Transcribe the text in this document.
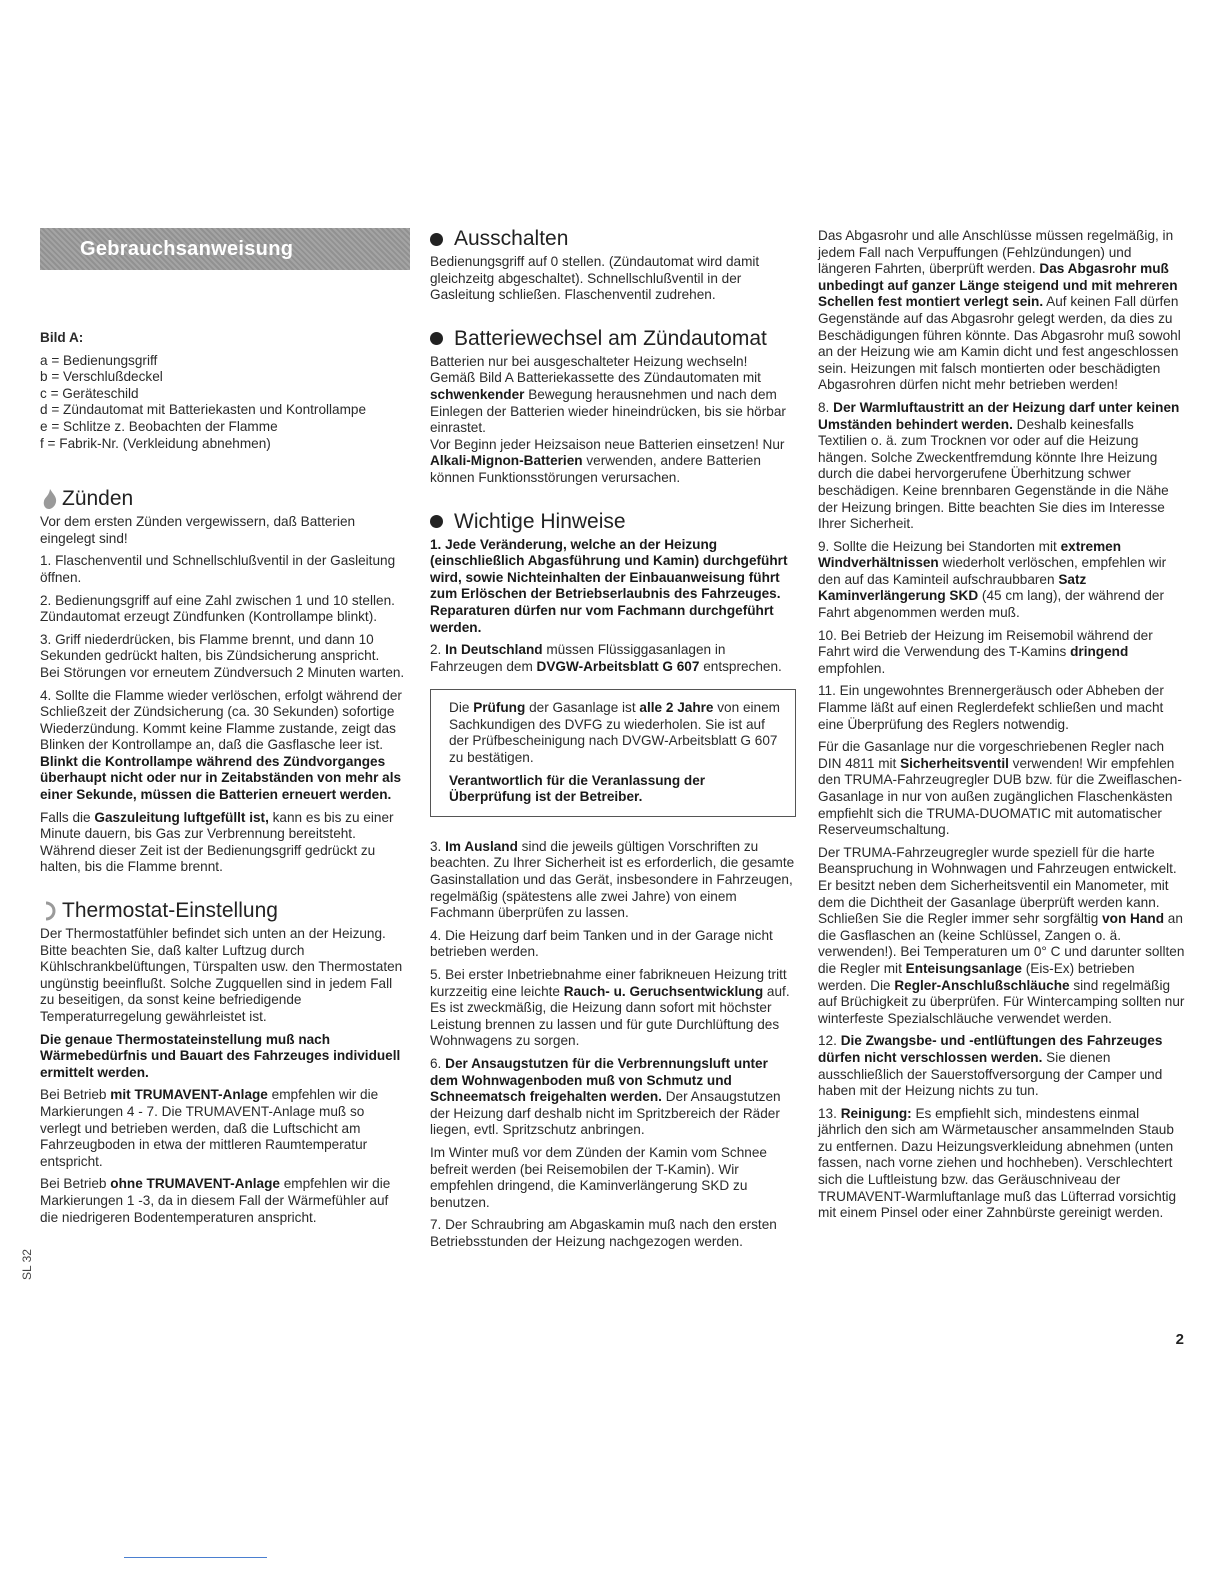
Gebrauchsanweisung
Bild A:
a = Bedienungsgriff
b = Verschlußdeckel
c = Geräteschild
d = Zündautomat mit Batteriekasten und Kontrollampe
e = Schlitze z. Beobachten der Flamme
f = Fabrik-Nr. (Verkleidung abnehmen)
Zünden

Vor dem ersten Zünden vergewissern, daß Batterien eingelegt sind!

1. Flaschenventil und Schnellschlußventil in der Gasleitung öffnen.

2. Bedienungsgriff auf eine Zahl zwischen 1 und 10 stellen. Zündautomat erzeugt Zündfunken (Kontrollampe blinkt).

3. Griff niederdrücken, bis Flamme brennt, und dann 10 Sekunden gedrückt halten, bis Zündsicherung anspricht.

Bei Störungen vor erneutem Zündversuch 2 Minuten warten.

4. Sollte die Flamme wieder verlöschen, erfolgt während der Schließzeit der Zündsicherung (ca. 30 Sekunden) sofortige Wiederzündung. Kommt keine Flamme zustande, zeigt das Blinken der Kontrollampe an, daß die Gasflasche leer ist.

Blinkt die Kontrollampe während des Zündvorganges überhaupt nicht oder nur in Zeitabständen von mehr als einer Sekunde, müssen die Batterien erneuert werden.

Falls die Gaszuleitung luftgefüllt ist, kann es bis zu einer Minute dauern, bis Gas zur Verbrennung bereitsteht. Während dieser Zeit ist der Bedienungsgriff gedrückt zu halten, bis die Flamme brennt.

Thermostat-Einstellung

Der Thermostatfühler befindet sich unten an der Heizung. Bitte beachten Sie, daß kalter Luftzug durch Kühlschrankbelüftungen, Türspalten usw. den Thermostaten ungünstig beeinflußt. Solche Zugquellen sind in jedem Fall zu beseitigen, da sonst keine befriedigende Temperaturregelung gewährleistet ist.

Die genaue Thermostateinstellung muß nach Wärmebedürfnis und Bauart des Fahrzeuges individuell ermittelt werden.

Bei Betrieb mit TRUMAVENT-Anlage empfehlen wir die Markierungen 4 - 7. Die TRUMAVENT-Anlage muß so verlegt und betrieben werden, daß die Luftschicht am Fahrzeugboden in etwa der mittleren Raumtemperatur entspricht.

Bei Betrieb ohne TRUMAVENT-Anlage empfehlen wir die Markierungen 1 -3, da in diesem Fall der Wärmefühler auf die niedrigeren Bodentemperaturen anspricht.

Ausschalten

Bedienungsgriff auf 0 stellen. (Zündautomat wird damit gleichzeitg abgeschaltet). Schnellschlußventil in der Gasleitung schließen. Flaschenventil zudrehen.

Batteriewechsel am Zündautomat

Batterien nur bei ausgeschalteter Heizung wechseln! Gemäß Bild A Batteriekassette des Zündautomaten mit schwenkender Bewegung herausnehmen und nach dem Einlegen der Batterien wieder hineindrücken, bis sie hörbar einrastet.

Vor Beginn jeder Heizsaison neue Batterien einsetzen! Nur Alkali-Mignon-Batterien verwenden, andere Batterien können Funktionsstörungen verursachen.

Wichtige Hinweise

1. Jede Veränderung, welche an der Heizung (einschließlich Abgasführung und Kamin) durchgeführt wird, sowie Nichteinhalten der Einbauanweisung führt zum Erlöschen der Betriebserlaubnis des Fahrzeuges. Reparaturen dürfen nur vom Fachmann durchgeführt werden.

2. In Deutschland müssen Flüssiggasanlagen in Fahrzeugen dem DVGW-Arbeitsblatt G 607 entsprechen.

Die Prüfung der Gasanlage ist alle 2 Jahre von einem Sachkundigen des DVFG zu wiederholen. Sie ist auf der Prüfbescheinigung nach DVGW-Arbeitsblatt G 607 zu bestätigen.

Verantwortlich für die Veranlassung der Überprüfung ist der Betreiber.

3. Im Ausland sind die jeweils gültigen Vorschriften zu beachten. Zu Ihrer Sicherheit ist es erforderlich, die gesamte Gasinstallation und das Gerät, insbesondere in Fahrzeugen, regelmäßig (spätestens alle zwei Jahre) von einem Fachmann überprüfen zu lassen.

4. Die Heizung darf beim Tanken und in der Garage nicht betrieben werden.

5. Bei erster Inbetriebnahme einer fabrikneuen Heizung tritt kurzzeitig eine leichte Rauch- u. Geruchsentwicklung auf. Es ist zweckmäßig, die Heizung dann sofort mit höchster Leistung brennen zu lassen und für gute Durchlüftung des Wohnwagens zu sorgen.

6. Der Ansaugstutzen für die Verbrennungsluft unter dem Wohnwagenboden muß von Schmutz und Schneematsch freigehalten werden. Der Ansaugstutzen der Heizung darf deshalb nicht im Spritzbereich der Räder liegen, evtl. Spritzschutz anbringen.

Im Winter muß vor dem Zünden der Kamin vom Schnee befreit werden (bei Reisemobilen der T-Kamin). Wir empfehlen dringend, die Kaminverlängerung SKD zu benutzen.

7. Der Schraubring am Abgaskamin muß nach den ersten Betriebsstunden der Heizung nachgezogen werden.

Das Abgasrohr und alle Anschlüsse müssen regelmäßig, in jedem Fall nach Verpuffungen (Fehlzündungen) und längeren Fahrten, überprüft werden. Das Abgasrohr muß unbedingt auf ganzer Länge steigend und mit mehreren Schellen fest montiert verlegt sein. Auf keinen Fall dürfen Gegenstände auf das Abgasrohr gelegt werden, da dies zu Beschädigungen führen könnte. Das Abgasrohr muß sowohl an der Heizung wie am Kamin dicht und fest angeschlossen sein. Heizungen mit falsch montierten oder beschädigten Abgasrohren dürfen nicht mehr betrieben werden!

8. Der Warmluftaustritt an der Heizung darf unter keinen Umständen behindert werden. Deshalb keinesfalls Textilien o. ä. zum Trocknen vor oder auf die Heizung hängen. Solche Zweckentfremdung könnte Ihre Heizung durch die dabei hervorgerufene Überhitzung schwer beschädigen. Keine brennbaren Gegenstände in die Nähe der Heizung bringen. Bitte beachten Sie dies im Interesse Ihrer Sicherheit.

9. Sollte die Heizung bei Standorten mit extremen Windverhältnissen wiederholt verlöschen, empfehlen wir den auf das Kaminteil aufschraubbaren Satz Kaminverlängerung SKD (45 cm lang), der während der Fahrt abgenommen werden muß.

10. Bei Betrieb der Heizung im Reisemobil während der Fahrt wird die Verwendung des T-Kamins dringend empfohlen.

11. Ein ungewohntes Brennergeräusch oder Abheben der Flamme läßt auf einen Reglerdefekt schließen und macht eine Überprüfung des Reglers notwendig.

Für die Gasanlage nur die vorgeschriebenen Regler nach DIN 4811 mit Sicherheitsventil verwenden! Wir empfehlen den TRUMA-Fahrzeugregler DUB bzw. für die Zweiflaschen-Gasanlage in nur von außen zugänglichen Flaschenkästen empfiehlt sich die TRUMA-DUOMATIC mit automatischer Reserveumschaltung.

Der TRUMA-Fahrzeugregler wurde speziell für die harte Beanspruchung in Wohnwagen und Fahrzeugen entwickelt. Er besitzt neben dem Sicherheitsventil ein Manometer, mit dem die Dichtheit der Gasanlage überprüft werden kann. Schließen Sie die Regler immer sehr sorgfältig von Hand an die Gasflaschen an (keine Schlüssel, Zangen o. ä. verwenden!). Bei Temperaturen um 0° C und darunter sollten die Regler mit Enteisungsanlage (Eis-Ex) betrieben werden. Die Regler-Anschlußschläuche sind regelmäßig auf Brüchigkeit zu überprüfen. Für Wintercamping sollten nur winterfeste Spezialschläuche verwendet werden.

12. Die Zwangsbe- und -entlüftungen des Fahrzeuges dürfen nicht verschlossen werden. Sie dienen ausschließlich der Sauerstoffversorgung der Camper und haben mit der Heizung nichts zu tun.

13. Reinigung: Es empfiehlt sich, mindestens einmal jährlich den sich am Wärmetauscher ansammelnden Staub zu entfernen. Dazu Heizungsverkleidung abnehmen (unten fassen, nach vorne ziehen und hochheben). Verschlechtert sich die Luftleistung bzw. das Geräuschniveau der TRUMAVENT-Warmluftanlage muß das Lüfterrad vorsichtig mit einem Pinsel oder einer Zahnbürste gereinigt werden.

SL 32
2
